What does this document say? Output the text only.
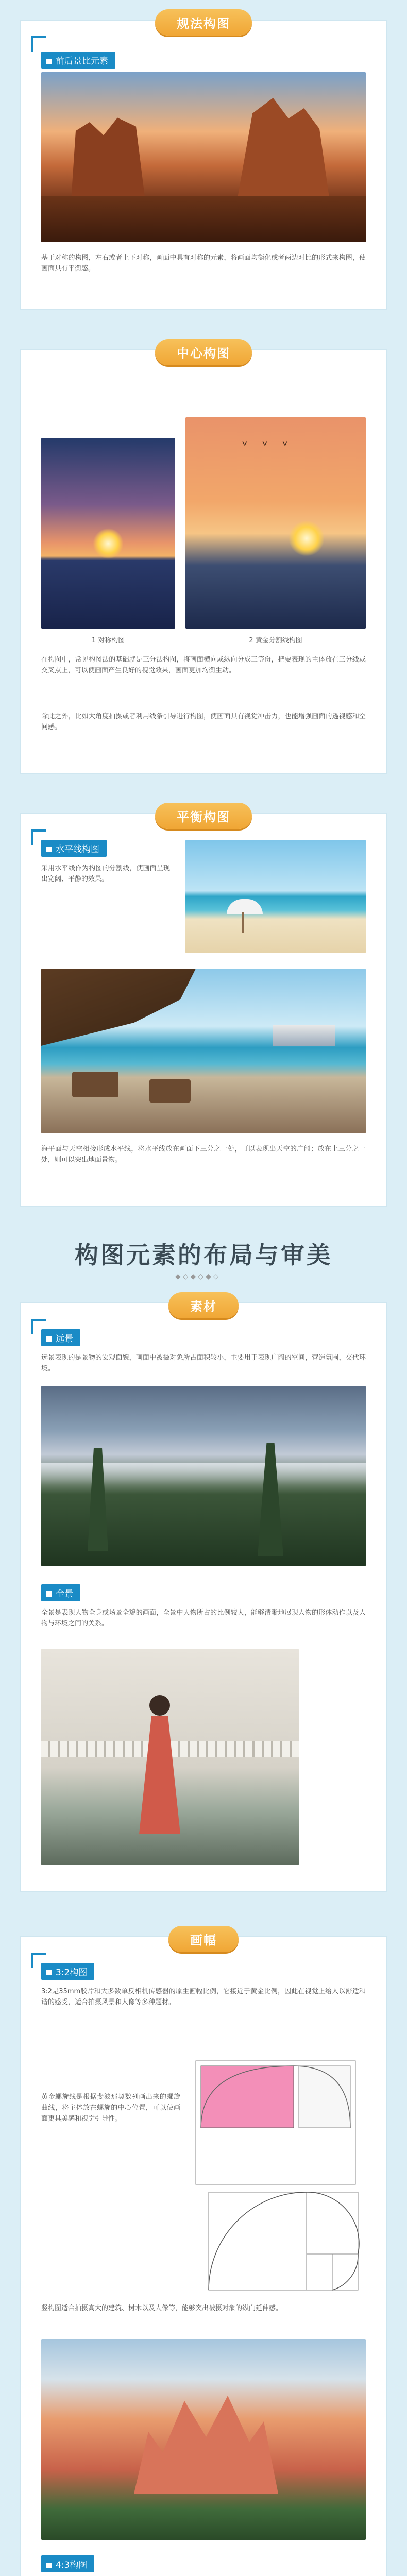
规法构图
前后景比元素

基于对称的构图，左右或者上下对称，画面中具有对称的元素，将画面均衡化或者两边对比的形式来构图，使画面具有平衡感。

中心构图
ᵛ ᵛ ᵛ

1 对称构图	2 黄金分割线构图

在构图中，常见构图法的基础就是三分法构图，将画面横向或纵向分成三等份，把要表现的主体放在三分线或交叉点上，可以使画面产生良好的视觉效果，画面更加均衡生动。

除此之外，比如大角度拍摄或者利用线条引导进行构图，使画面具有视觉冲击力，也能增强画面的透视感和空间感。

平衡构图
水平线构图

采用水平线作为构图的分割线，使画面呈现出宽阔、平静的效果。

海平面与天空相接形成水平线，将水平线放在画面下三分之一处，可以表现出天空的广阔；放在上三分之一处，则可以突出地面景物。

构图元素的布局与审美
◆◇◆◇◆◇
素材
远景

远景表现的是景物的宏观面貌，画面中被摄对象所占面积较小，主要用于表现广阔的空间，营造氛围，交代环境。

全景

全景是表现人物全身或场景全貌的画面，全景中人物所占的比例较大，能够清晰地展现人物的形体动作以及人物与环境之间的关系。

画幅
3:2构图

3:2是35mm胶片和大多数单反相机传感器的原生画幅比例，它接近于黄金比例，因此在视觉上给人以舒适和谐的感受，适合拍摄风景和人像等多种题材。

黄金螺旋线是根据斐波那契数列画出来的螺旋曲线，将主体放在螺旋的中心位置，可以使画面更具美感和视觉引导性。

竖构图适合拍摄高大的建筑、树木以及人像等，能够突出被摄对象的纵向延伸感。

4:3构图
